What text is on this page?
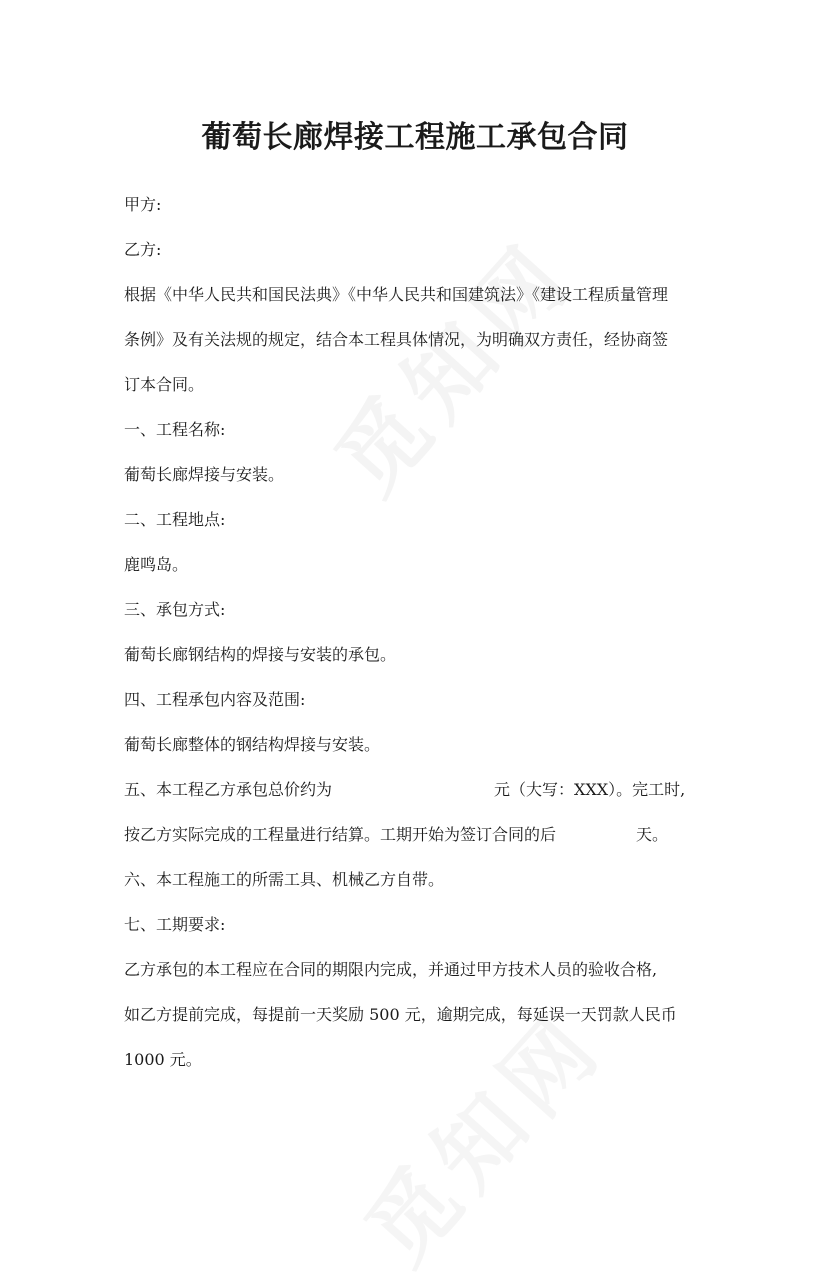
葡萄长廊焊接工程施工承包合同
甲方:
乙方:
根据《中华人民共和国民法典》《中华人民共和国建筑法》《建设工程质量管理
条例》及有关法规的规定，结合本工程具体情况，为明确双方责任，经协商签
订本合同。
一、工程名称:
葡萄长廊焊接与安装。
二、工程地点:
鹿鸣岛。
三、承包方式:
葡萄长廊钢结构的焊接与安装的承包。
四、工程承包内容及范围:
葡萄长廊整体的钢结构焊接与安装。
五、本工程乙方承包总价约为	元（大写：XXX）。完工时,
按乙方实际完成的工程量进行结算。工期开始为签订合同的后	天。
六、本工程施工的所需工具、机械乙方自带。
七、工期要求:
乙方承包的本工程应在合同的期限内完成，并通过甲方技术人员的验收合格,
如乙方提前完成，每提前一天奖励 500 元，逾期完成，每延误一天罚款人民币
1000 元。
